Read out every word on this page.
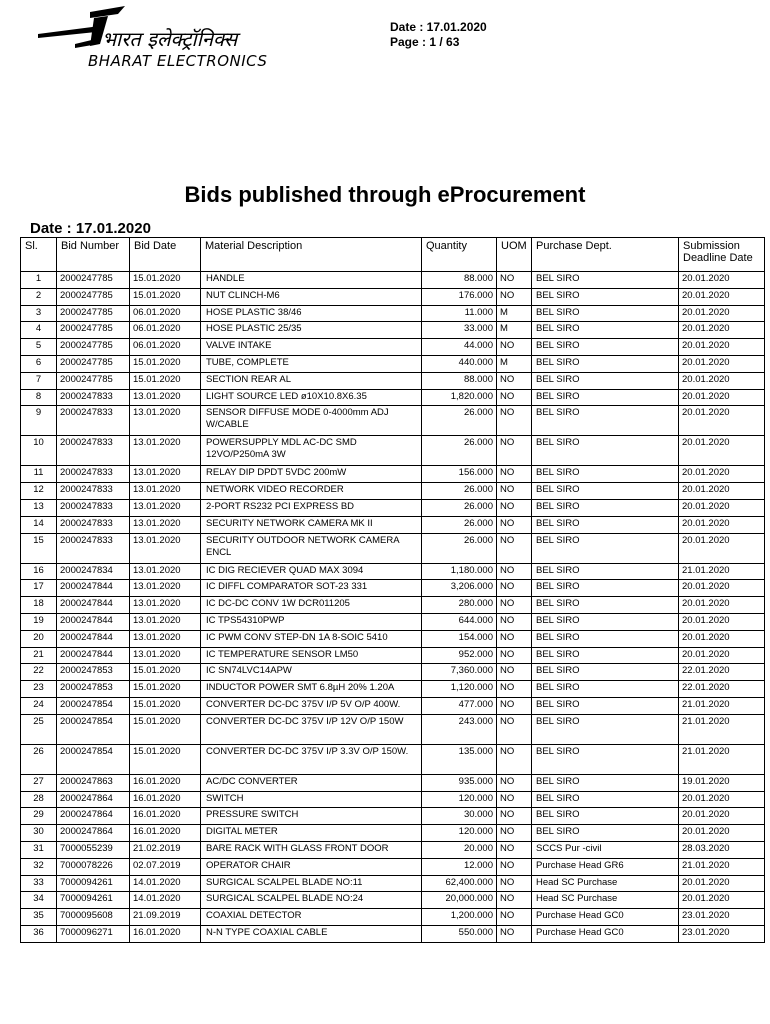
भारत इलेक्ट्रॉनिक्स
BHARAT ELECTRONICS
Date : 17.01.2020
Page : 1 / 63
Bids published through eProcurement
Date : 17.01.2020
Sl.	Bid Number	Bid Date	Material Description	Quantity	UOM	Purchase Dept.	Submission Deadline Date
1	2000247785	15.01.2020	HANDLE	88.000	NO	BEL SIRO	20.01.2020
2	2000247785	15.01.2020	NUT CLINCH-M6	176.000	NO	BEL SIRO	20.01.2020
3	2000247785	06.01.2020	HOSE PLASTIC 38/46	11.000	M	BEL SIRO	20.01.2020
4	2000247785	06.01.2020	HOSE PLASTIC 25/35	33.000	M	BEL SIRO	20.01.2020
5	2000247785	06.01.2020	VALVE INTAKE	44.000	NO	BEL SIRO	20.01.2020
6	2000247785	15.01.2020	TUBE, COMPLETE	440.000	M	BEL SIRO	20.01.2020
7	2000247785	15.01.2020	SECTION REAR AL	88.000	NO	BEL SIRO	20.01.2020
8	2000247833	13.01.2020	LIGHT SOURCE LED ø10X10.8X6.35	1,820.000	NO	BEL SIRO	20.01.2020
9	2000247833	13.01.2020	SENSOR DIFFUSE MODE 0-4000mm ADJ W/CABLE	26.000	NO	BEL SIRO	20.01.2020
10	2000247833	13.01.2020	POWERSUPPLY MDL AC-DC SMD 12VO/P250mA 3W	26.000	NO	BEL SIRO	20.01.2020
11	2000247833	13.01.2020	RELAY DIP DPDT 5VDC 200mW	156.000	NO	BEL SIRO	20.01.2020
12	2000247833	13.01.2020	NETWORK VIDEO RECORDER	26.000	NO	BEL SIRO	20.01.2020
13	2000247833	13.01.2020	2-PORT RS232 PCI EXPRESS BD	26.000	NO	BEL SIRO	20.01.2020
14	2000247833	13.01.2020	SECURITY NETWORK CAMERA MK II	26.000	NO	BEL SIRO	20.01.2020
15	2000247833	13.01.2020	SECURITY OUTDOOR NETWORK CAMERA ENCL	26.000	NO	BEL SIRO	20.01.2020
16	2000247834	13.01.2020	IC DIG RECIEVER QUAD MAX 3094	1,180.000	NO	BEL SIRO	21.01.2020
17	2000247844	13.01.2020	IC DIFFL COMPARATOR SOT-23 331	3,206.000	NO	BEL SIRO	20.01.2020
18	2000247844	13.01.2020	IC DC-DC CONV 1W DCR011205	280.000	NO	BEL SIRO	20.01.2020
19	2000247844	13.01.2020	IC TPS54310PWP	644.000	NO	BEL SIRO	20.01.2020
20	2000247844	13.01.2020	IC PWM CONV STEP-DN 1A 8-SOIC 5410	154.000	NO	BEL SIRO	20.01.2020
21	2000247844	13.01.2020	IC TEMPERATURE SENSOR LM50	952.000	NO	BEL SIRO	20.01.2020
22	2000247853	15.01.2020	IC SN74LVC14APW	7,360.000	NO	BEL SIRO	22.01.2020
23	2000247853	15.01.2020	INDUCTOR POWER SMT 6.8µH 20% 1.20A	1,120.000	NO	BEL SIRO	22.01.2020
24	2000247854	15.01.2020	CONVERTER DC-DC 375V I/P 5V O/P 400W.	477.000	NO	BEL SIRO	21.01.2020
25	2000247854	15.01.2020	CONVERTER DC-DC 375V I/P 12V O/P 150W	243.000	NO	BEL SIRO	21.01.2020
26	2000247854	15.01.2020	CONVERTER DC-DC 375V I/P 3.3V O/P 150W.	135.000	NO	BEL SIRO	21.01.2020
27	2000247863	16.01.2020	AC/DC CONVERTER	935.000	NO	BEL SIRO	19.01.2020
28	2000247864	16.01.2020	SWITCH	120.000	NO	BEL SIRO	20.01.2020
29	2000247864	16.01.2020	PRESSURE SWITCH	30.000	NO	BEL SIRO	20.01.2020
30	2000247864	16.01.2020	DIGITAL METER	120.000	NO	BEL SIRO	20.01.2020
31	7000055239	21.02.2019	BARE RACK WITH GLASS FRONT DOOR	20.000	NO	SCCS Pur -civil	28.03.2020
32	7000078226	02.07.2019	OPERATOR CHAIR	12.000	NO	Purchase Head GR6	21.01.2020
33	7000094261	14.01.2020	SURGICAL SCALPEL BLADE NO:11	62,400.000	NO	Head SC Purchase	20.01.2020
34	7000094261	14.01.2020	SURGICAL SCALPEL BLADE NO:24	20,000.000	NO	Head SC Purchase	20.01.2020
35	7000095608	21.09.2019	COAXIAL DETECTOR	1,200.000	NO	Purchase Head GC0	23.01.2020
36	7000096271	16.01.2020	N-N TYPE COAXIAL CABLE	550.000	NO	Purchase Head GC0	23.01.2020
